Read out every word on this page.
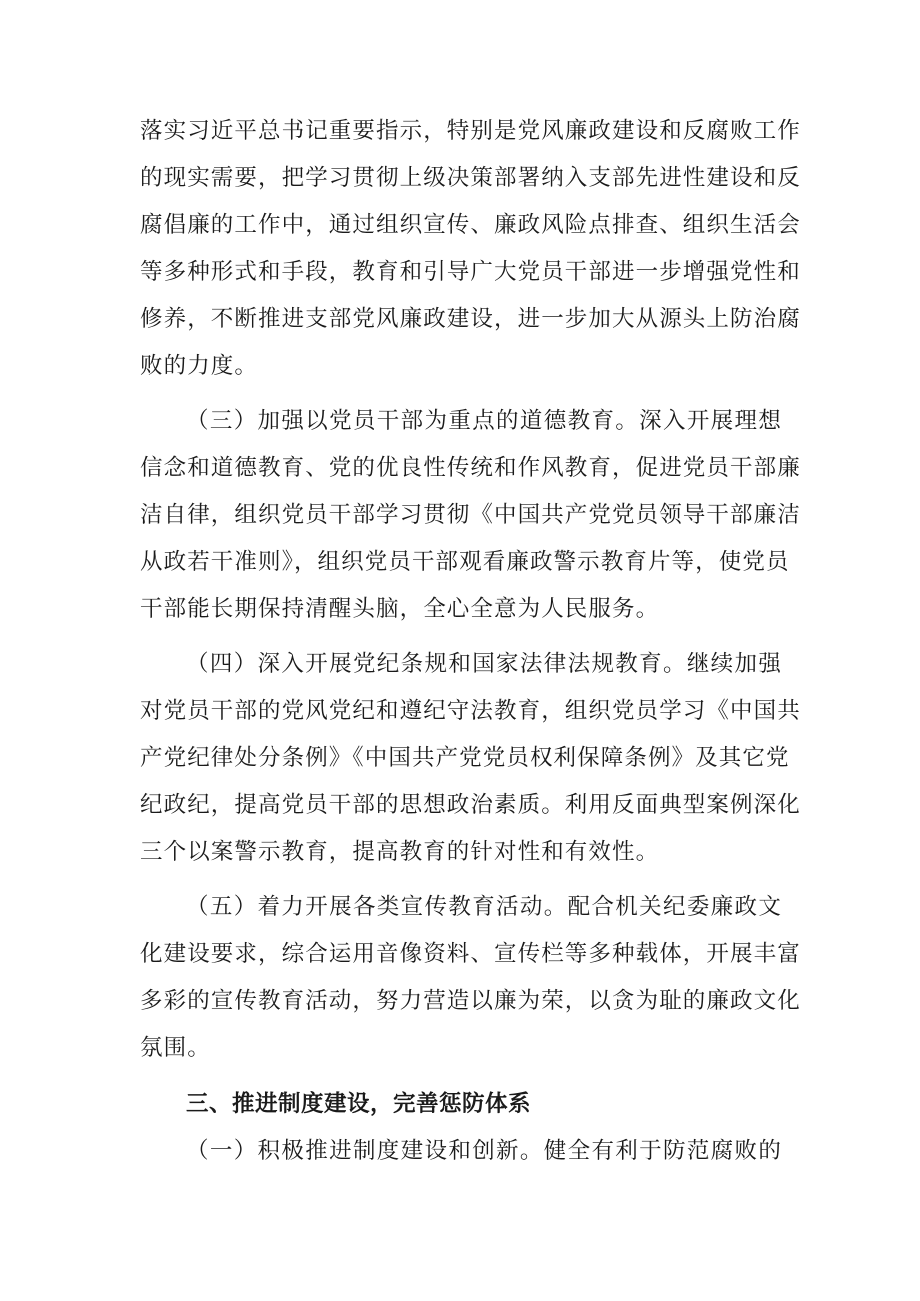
落实习近平总书记重要指示，特别是党风廉政建设和反腐败工作
的现实需要，把学习贯彻上级决策部署纳入支部先进性建设和反
腐倡廉的工作中，通过组织宣传、廉政风险点排查、组织生活会
等多种形式和手段，教育和引导广大党员干部进一步增强党性和
修养，不断推进支部党风廉政建设，进一步加大从源头上防治腐
败的力度。
（三）加强以党员干部为重点的道德教育。深入开展理想
信念和道德教育、党的优良性传统和作风教育，促进党员干部廉
洁自律，组织党员干部学习贯彻《中国共产党党员领导干部廉洁
从政若干准则》，组织党员干部观看廉政警示教育片等，使党员
干部能长期保持清醒头脑，全心全意为人民服务。
（四）深入开展党纪条规和国家法律法规教育。继续加强
对党员干部的党风党纪和遵纪守法教育，组织党员学习《中国共
产党纪律处分条例》《中国共产党党员权利保障条例》及其它党
纪政纪，提高党员干部的思想政治素质。利用反面典型案例深化
三个以案警示教育，提高教育的针对性和有效性。
（五）着力开展各类宣传教育活动。配合机关纪委廉政文
化建设要求，综合运用音像资料、宣传栏等多种载体，开展丰富
多彩的宣传教育活动，努力营造以廉为荣，以贪为耻的廉政文化
氛围。
三、推进制度建设，完善惩防体系
（一）积极推进制度建设和创新。健全有利于防范腐败的
